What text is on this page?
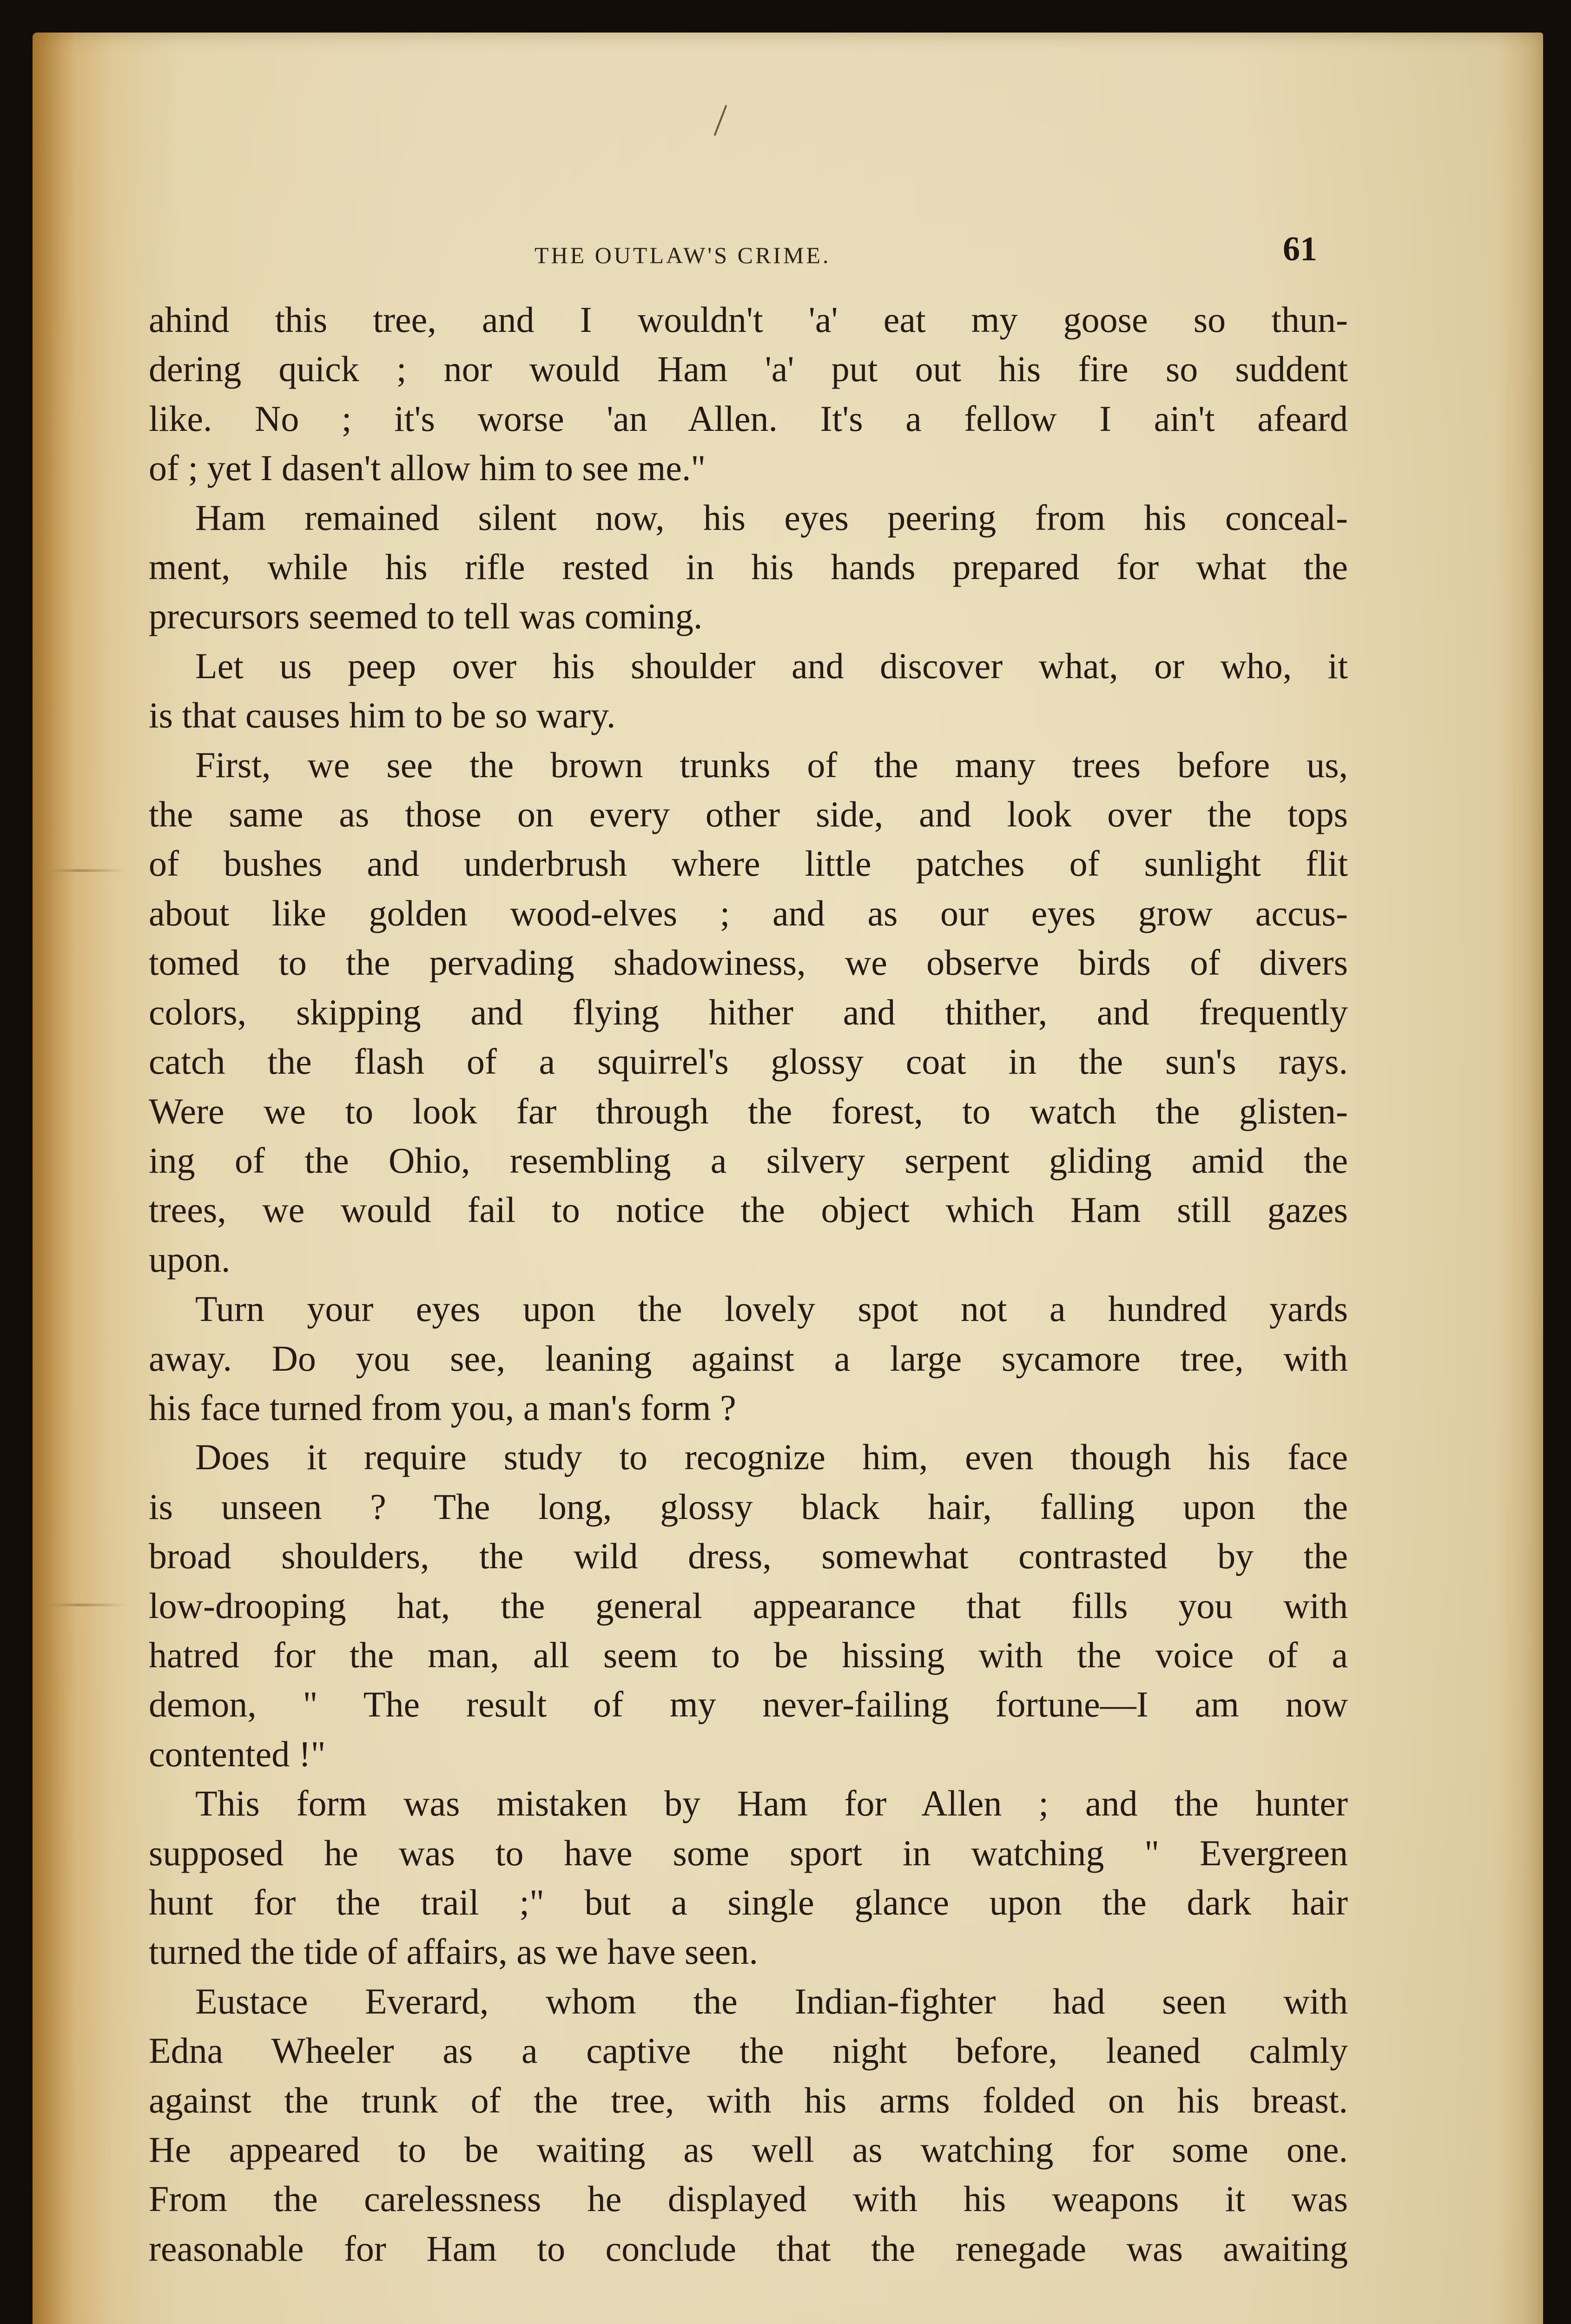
THE OUTLAW'S CRIME.	61

ahind this tree, and I wouldn't 'a' eat my goose so thun-
dering quick ; nor would Ham 'a' put out his fire so suddent
like. No ; it's worse 'an Allen. It's a fellow I ain't afeard
of ; yet I dasen't allow him to see me."

Ham remained silent now, his eyes peering from his conceal-
ment, while his rifle rested in his hands prepared for what the
precursors seemed to tell was coming.

Let us peep over his shoulder and discover what, or who, it
is that causes him to be so wary.

First, we see the brown trunks of the many trees before us,
the same as those on every other side, and look over the tops
of bushes and underbrush where little patches of sunlight flit
about like golden wood-elves ; and as our eyes grow accus-
tomed to the pervading shadowiness, we observe birds of divers
colors, skipping and flying hither and thither, and frequently
catch the flash of a squirrel's glossy coat in the sun's rays.
Were we to look far through the forest, to watch the glisten-
ing of the Ohio, resembling a silvery serpent gliding amid the
trees, we would fail to notice the object which Ham still gazes
upon.

Turn your eyes upon the lovely spot not a hundred yards
away. Do you see, leaning against a large sycamore tree, with
his face turned from you, a man's form ?

Does it require study to recognize him, even though his face
is unseen ? The long, glossy black hair, falling upon the
broad shoulders, the wild dress, somewhat contrasted by the
low-drooping hat, the general appearance that fills you with
hatred for the man, all seem to be hissing with the voice of a
demon, " The result of my never-failing fortune—I am now
contented !"

This form was mistaken by Ham for Allen ; and the hunter
supposed he was to have some sport in watching " Evergreen
hunt for the trail ;" but a single glance upon the dark hair
turned the tide of affairs, as we have seen.

Eustace Everard, whom the Indian-fighter had seen with
Edna Wheeler as a captive the night before, leaned calmly
against the trunk of the tree, with his arms folded on his breast.
He appeared to be waiting as well as watching for some one.
From the carelessness he displayed with his weapons it was
reasonable for Ham to conclude that the renegade was awaiting
